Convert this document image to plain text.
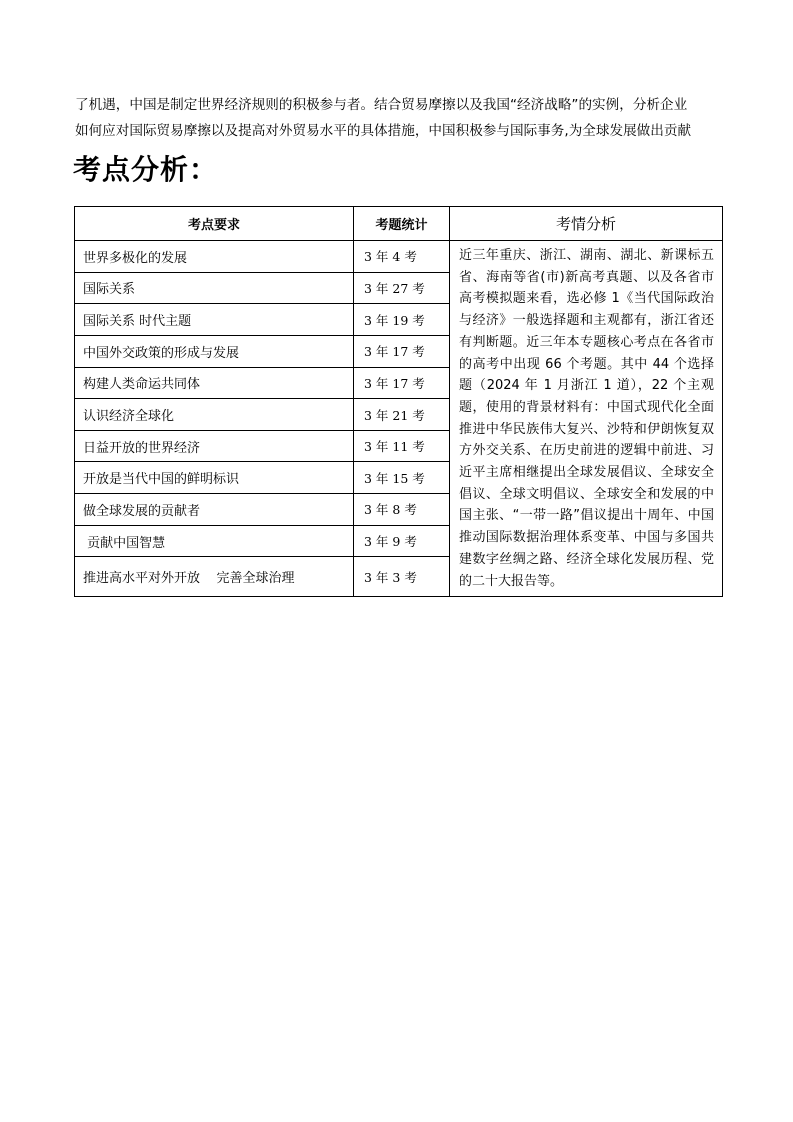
了机遇，中国是制定世界经济规则的积极参与者。结合贸易摩擦以及我国“经济战略”的实例，分析企业

如何应对国际贸易摩擦以及提高对外贸易水平的具体措施，中国积极参与国际事务,为全球发展做出贡献

考点分析：
考点要求	考题统计	考情分析
世界多极化的发展	3 年 4 考	近三年重庆、浙江、湖南、湖北、新课标五省、海南等省(市)新高考真题、以及各省市高考模拟题来看，选必修 1《当代国际政治与经济》一般选择题和主观都有，浙江省还有判断题。近三年本专题核心考点在各省市的高考中出现 66 个考题。其中 44 个选择题（2024 年 1 月浙江 1 道），22 个主观题，使用的背景材料有：中国式现代化全面推进中华民族伟大复兴、沙特和伊朗恢复双方外交关系、在历史前进的逻辑中前进、习近平主席相继提出全球发展倡议、全球安全倡议、全球文明倡议、全球安全和发展的中国主张、“一带一路”倡议提出十周年、中国推动国际数据治理体系变革、中国与多国共建数字丝绸之路、经济全球化发展历程、党的二十大报告等。
国际关系	3 年 27 考	
国际关系 时代主题	3 年 19 考	
中国外交政策的形成与发展	3 年 17 考	
构建人类命运共同体	3 年 17 考	
认识经济全球化	3 年 21 考	
日益开放的世界经济	3 年 11 考	
开放是当代中国的鲜明标识	3 年 15 考	
做全球发展的贡献者	3 年 8 考	
贡献中国智慧	3 年 9 考	
推进高水平对外开放    完善全球治理	3 年 3 考	
